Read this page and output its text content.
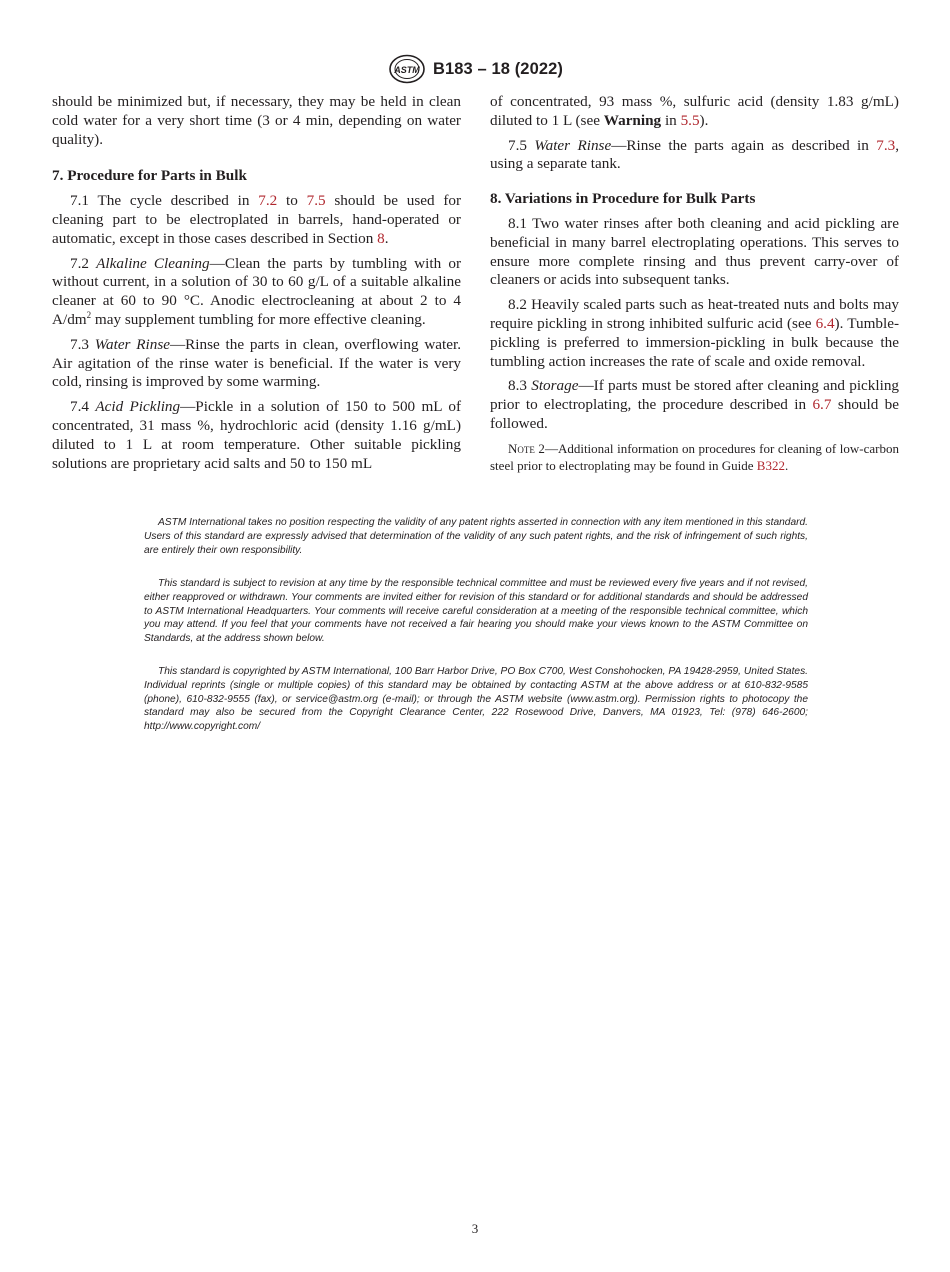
ASTM B183 – 18 (2022)

should be minimized but, if necessary, they may be held in clean cold water for a very short time (3 or 4 min, depending on water quality).

7. Procedure for Parts in Bulk

7.1 The cycle described in 7.2 to 7.5 should be used for cleaning part to be electroplated in barrels, hand-operated or automatic, except in those cases described in Section 8.

7.2 Alkaline Cleaning—Clean the parts by tumbling with or without current, in a solution of 30 to 60 g/L of a suitable alkaline cleaner at 60 to 90 °C. Anodic electrocleaning at about 2 to 4 $A/dm^2$ may supplement tumbling for more effective cleaning.

7.3 Water Rinse—Rinse the parts in clean, overflowing water. Air agitation of the rinse water is beneficial. If the water is very cold, rinsing is improved by some warming.

7.4 Acid Pickling—Pickle in a solution of 150 to 500 mL of concentrated, 31 mass %, hydrochloric acid (density 1.16 g/mL) diluted to 1 L at room temperature. Other suitable pickling solutions are proprietary acid salts and 50 to 150 mL

of concentrated, 93 mass %, sulfuric acid (density 1.83 g/mL) diluted to 1 L (see Warning in 5.5).

7.5 Water Rinse—Rinse the parts again as described in 7.3, using a separate tank.

8. Variations in Procedure for Bulk Parts

8.1 Two water rinses after both cleaning and acid pickling are beneficial in many barrel electroplating operations. This serves to ensure more complete rinsing and thus prevent carry-over of cleaners or acids into subsequent tanks.

8.2 Heavily scaled parts such as heat-treated nuts and bolts may require pickling in strong inhibited sulfuric acid (see 6.4). Tumble-pickling is preferred to immersion-pickling in bulk because the tumbling action increases the rate of scale and oxide removal.

8.3 Storage—If parts must be stored after cleaning and pickling prior to electroplating, the procedure described in 6.7 should be followed.

Note 2—Additional information on procedures for cleaning of low-carbon steel prior to electroplating may be found in Guide B322.

ASTM International takes no position respecting the validity of any patent rights asserted in connection with any item mentioned in this standard. Users of this standard are expressly advised that determination of the validity of any such patent rights, and the risk of infringement of such rights, are entirely their own responsibility.

This standard is subject to revision at any time by the responsible technical committee and must be reviewed every five years and if not revised, either reapproved or withdrawn. Your comments are invited either for revision of this standard or for additional standards and should be addressed to ASTM International Headquarters. Your comments will receive careful consideration at a meeting of the responsible technical committee, which you may attend. If you feel that your comments have not received a fair hearing you should make your views known to the ASTM Committee on Standards, at the address shown below.

This standard is copyrighted by ASTM International, 100 Barr Harbor Drive, PO Box C700, West Conshohocken, PA 19428-2959, United States. Individual reprints (single or multiple copies) of this standard may be obtained by contacting ASTM at the above address or at 610-832-9585 (phone), 610-832-9555 (fax), or service@astm.org (e-mail); or through the ASTM website (www.astm.org). Permission rights to photocopy the standard may also be secured from the Copyright Clearance Center, 222 Rosewood Drive, Danvers, MA 01923, Tel: (978) 646-2600; http://www.copyright.com/

3
